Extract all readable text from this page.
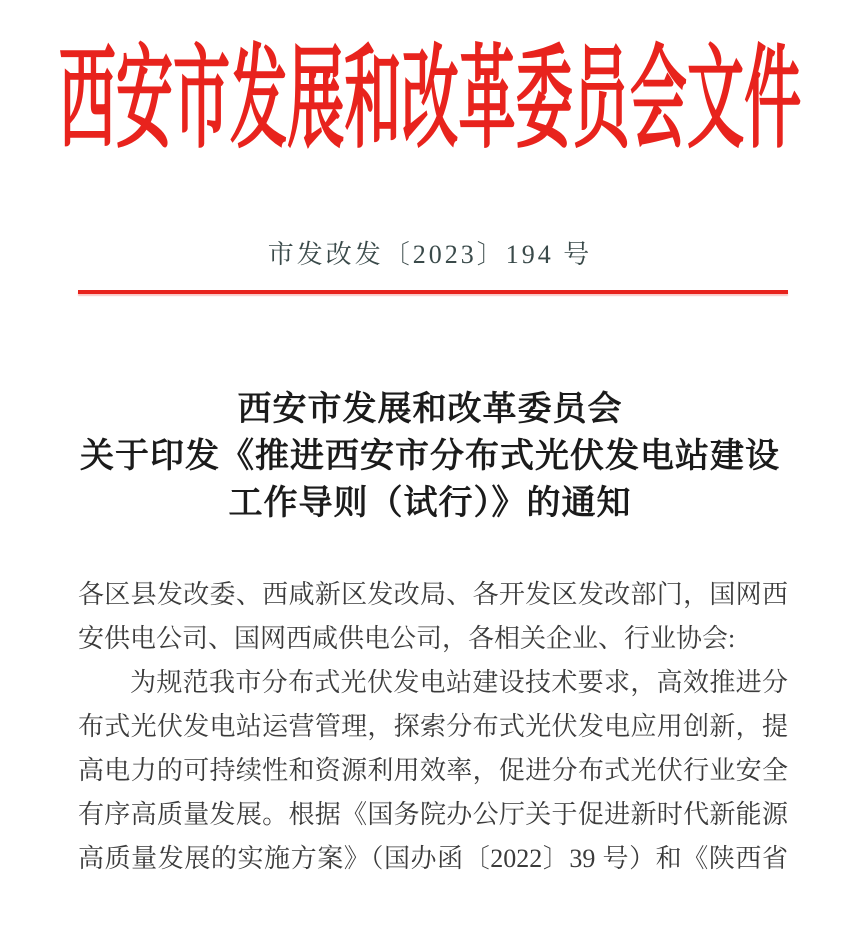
西安市发展和改革委员会文件
市发改发〔2023〕194 号
西安市发展和改革委员会
关于印发《推进西安市分布式光伏发电站建设
工作导则（试行）》的通知
各区县发改委、西咸新区发改局、各开发区发改部门，国网西
安供电公司、国网西咸供电公司，各相关企业、行业协会:
为规范我市分布式光伏发电站建设技术要求，高效推进分
布式光伏发电站运营管理，探索分布式光伏发电应用创新，提
高电力的可持续性和资源利用效率，促进分布式光伏行业安全
有序高质量发展。根据《国务院办公厅关于促进新时代新能源
高质量发展的实施方案》（国办函〔2022〕39 号）和《陕西省
